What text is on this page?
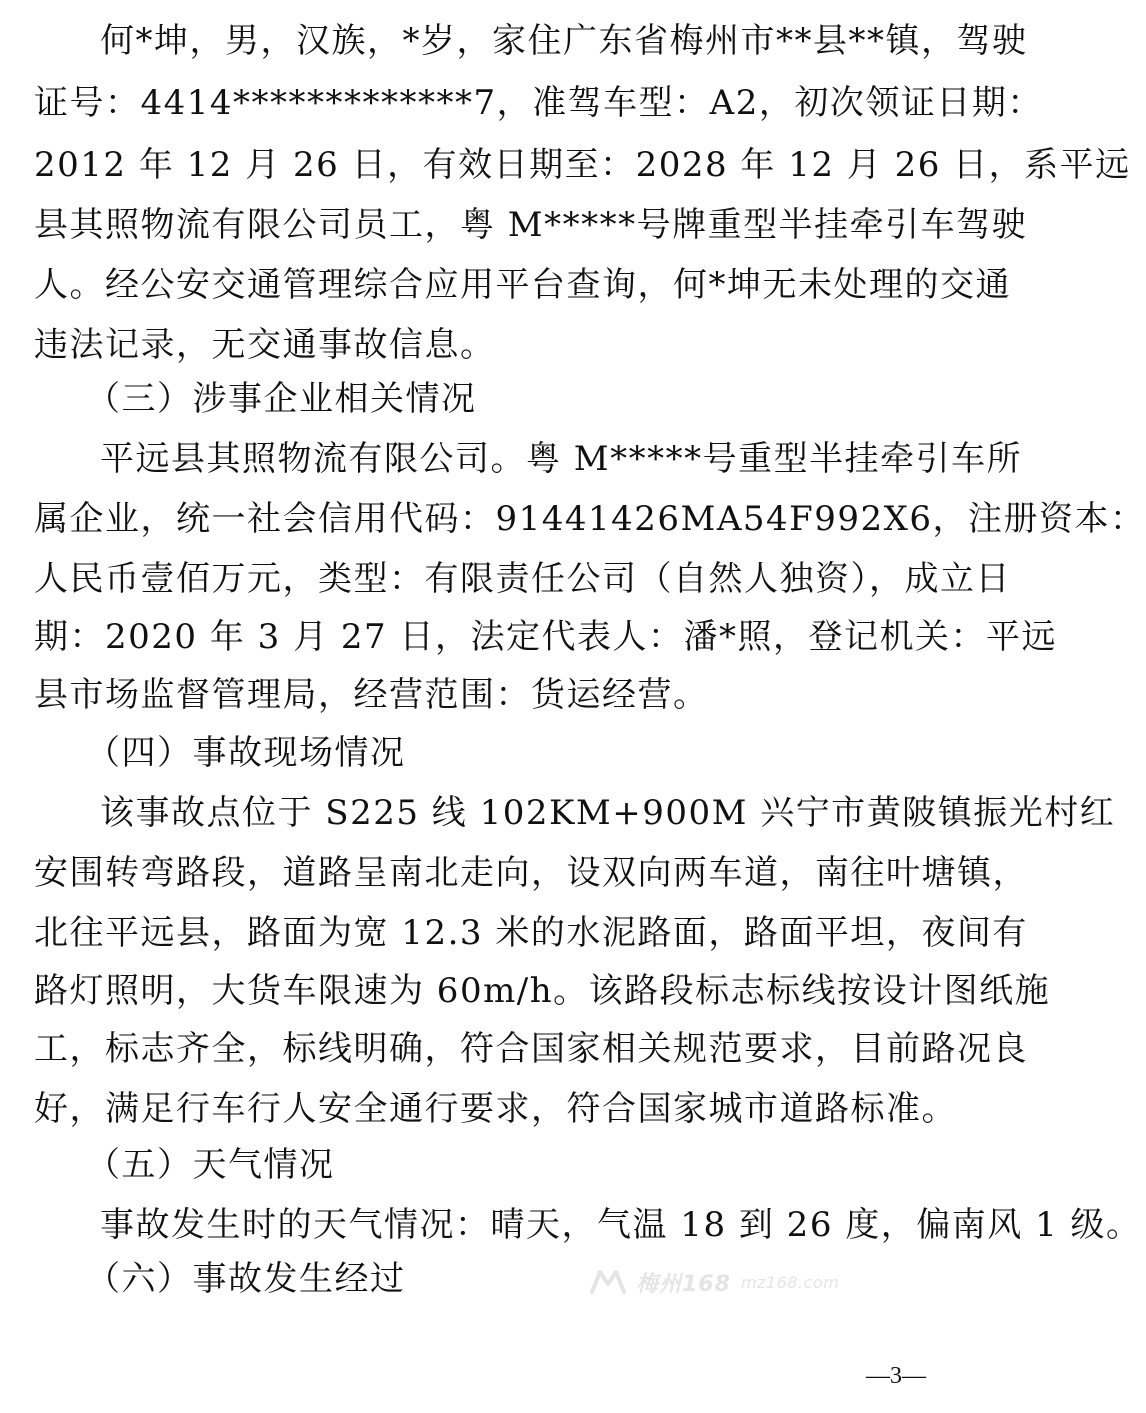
何*坤，男，汉族，*岁，家住广东省梅州市**县**镇，驾驶
证号：4414*************7，准驾车型：A2，初次领证日期：
2012 年 12 月 26 日，有效日期至：2028 年 12 月 26 日，系平远
县其照物流有限公司员工，粤 M*****号牌重型半挂牵引车驾驶
人。经公安交通管理综合应用平台查询，何*坤无未处理的交通
违法记录，无交通事故信息。
（三）涉事企业相关情况
平远县其照物流有限公司。粤 M*****号重型半挂牵引车所
属企业，统一社会信用代码：91441426MA54F992X6，注册资本：
人民币壹佰万元，类型：有限责任公司（自然人独资），成立日
期：2020 年 3 月 27 日，法定代表人：潘*照，登记机关：平远
县市场监督管理局，经营范围：货运经营。
（四）事故现场情况
该事故点位于 S225 线 102KM+900M 兴宁市黄陂镇振光村红
安围转弯路段，道路呈南北走向，设双向两车道，南往叶塘镇，
北往平远县，路面为宽 12.3 米的水泥路面，路面平坦，夜间有
路灯照明，大货车限速为 60m/h。该路段标志标线按设计图纸施
工，标志齐全，标线明确，符合国家相关规范要求，目前路况良
好，满足行车行人安全通行要求，符合国家城市道路标准。
（五）天气情况
事故发生时的天气情况：晴天，气温 18 到 26 度，偏南风 1 级。
（六）事故发生经过	梅州168 mz168.com
—3—
